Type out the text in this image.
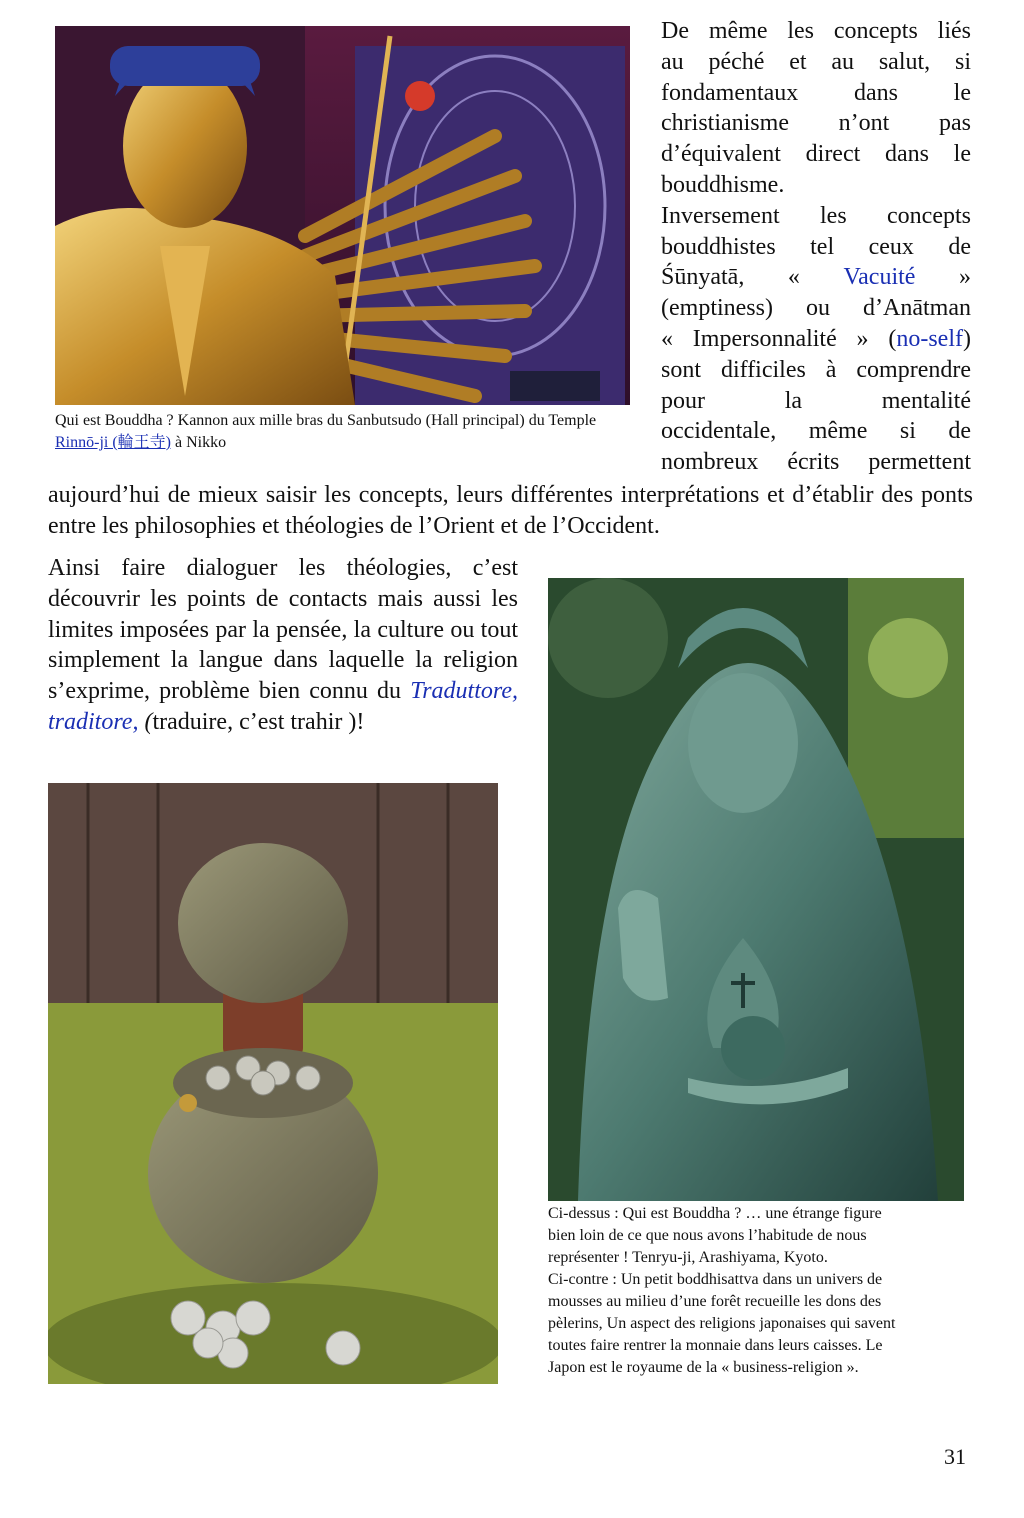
Qui est Bouddha ? Kannon aux mille bras du Sanbutsudo (Hall principal) du Temple Rinnō-ji (輪王寺) à Nikko
De même les concepts liés
au péché et au salut, si
fondamentaux dans le
christianisme n’ont pas
d’équivalent direct dans le
bouddhisme.
Inversement les concepts
bouddhistes tel ceux de
Śūnyatā, « Vacuité »
(emptiness) ou d’Anātman
« Impersonnalité » (no-self)
sont difficiles à comprendre
pour la mentalité
occidentale, même si de
nombreux écrits permettent
aujourd’hui de mieux saisir les concepts, leurs différentes interprétations et d’établir des ponts entre les philosophies et théologies de l’Orient et de l’Occident.
Ainsi faire dialoguer les théologies, c’est découvrir les points de contacts mais aussi les limites imposées par la pensée, la culture ou tout simplement la langue dans laquelle la religion s’exprime, problème bien connu du Traduttore, traditore, (traduire, c’est trahir )!
Ci-dessus : Qui est Bouddha ? … une étrange figure
bien loin de ce que nous avons l’habitude de nous
représenter ! Tenryu-ji, Arashiyama, Kyoto.
Ci-contre : Un petit boddhisattva dans un univers de
mousses au milieu d’une forêt recueille les dons des
pèlerins, Un aspect des religions japonaises qui savent
toutes faire rentrer la monnaie dans leurs caisses. Le
Japon est le royaume de la « business-religion ».
31
